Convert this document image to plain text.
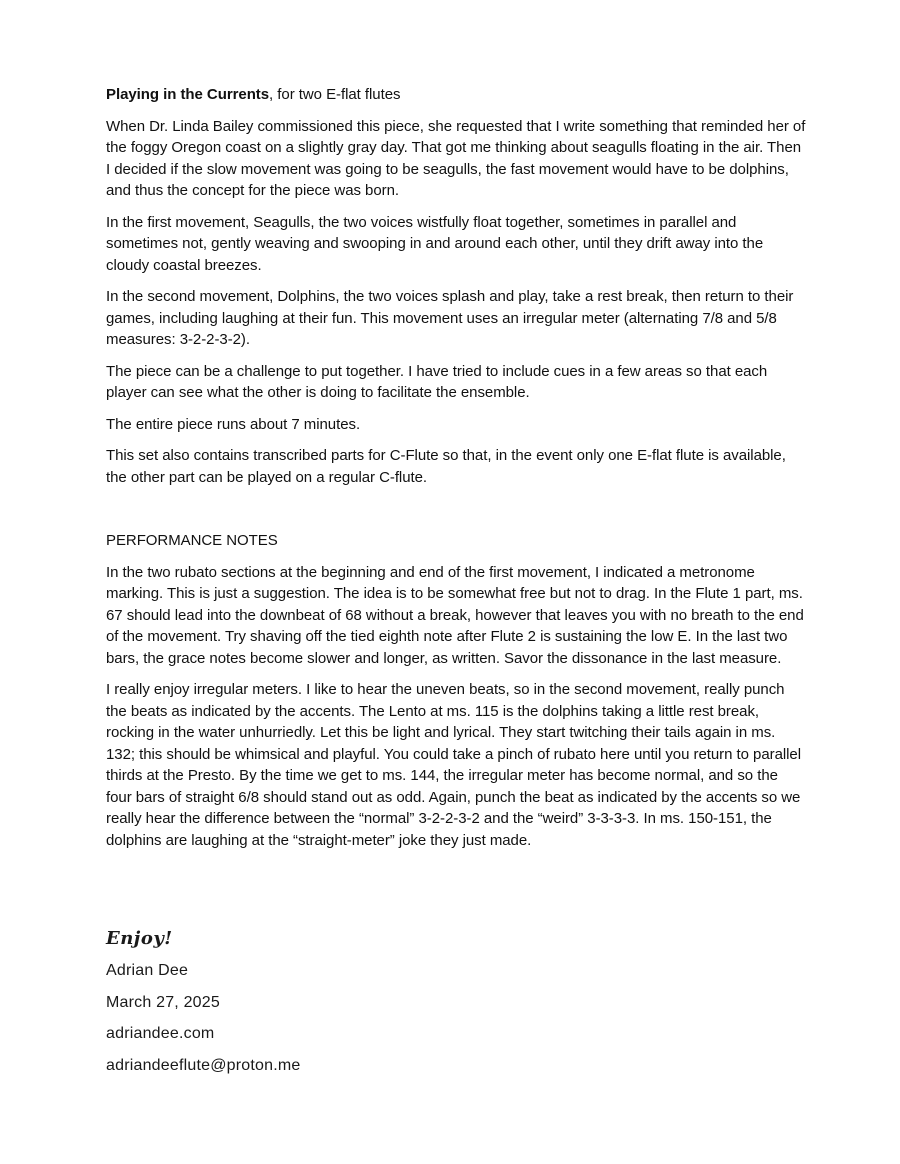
Playing in the Currents, for two E-flat flutes

When Dr. Linda Bailey commissioned this piece, she requested that I write something that reminded her of the foggy Oregon coast on a slightly gray day. That got me thinking about seagulls floating in the air. Then I decided if the slow movement was going to be seagulls, the fast movement would have to be dolphins, and thus the concept for the piece was born.

In the first movement, Seagulls, the two voices wistfully float together, sometimes in parallel and sometimes not, gently weaving and swooping in and around each other, until they drift away into the cloudy coastal breezes.

In the second movement, Dolphins, the two voices splash and play, take a rest break, then return to their games, including laughing at their fun. This movement uses an irregular meter (alternating 7/8 and 5/8 measures: 3-2-2-3-2).

The piece can be a challenge to put together. I have tried to include cues in a few areas so that each player can see what the other is doing to facilitate the ensemble.

The entire piece runs about 7 minutes.

This set also contains transcribed parts for C-Flute so that, in the event only one E-flat flute is available, the other part can be played on a regular C-flute.

PERFORMANCE NOTES

In the two rubato sections at the beginning and end of the first movement, I indicated a metronome marking. This is just a suggestion. The idea is to be somewhat free but not to drag. In the Flute 1 part, ms. 67 should lead into the downbeat of 68 without a break, however that leaves you with no breath to the end of the movement. Try shaving off the tied eighth note after Flute 2 is sustaining the low E. In the last two bars, the grace notes become slower and longer, as written. Savor the dissonance in the last measure.

I really enjoy irregular meters. I like to hear the uneven beats, so in the second movement, really punch the beats as indicated by the accents. The Lento at ms. 115 is the dolphins taking a little rest break, rocking in the water unhurriedly. Let this be light and lyrical. They start twitching their tails again in ms. 132; this should be whimsical and playful. You could take a pinch of rubato here until you return to parallel thirds at the Presto. By the time we get to ms. 144, the irregular meter has become normal, and so the four bars of straight 6/8 should stand out as odd. Again, punch the beat as indicated by the accents so we really hear the difference between the “normal” 3-2-2-3-2 and the “weird” 3-3-3-3. In ms. 150-151, the dolphins are laughing at the “straight-meter” joke they just made.

Enjoy!
Adrian Dee
March 27, 2025
adriandee.com
adriandeeflute@proton.me
